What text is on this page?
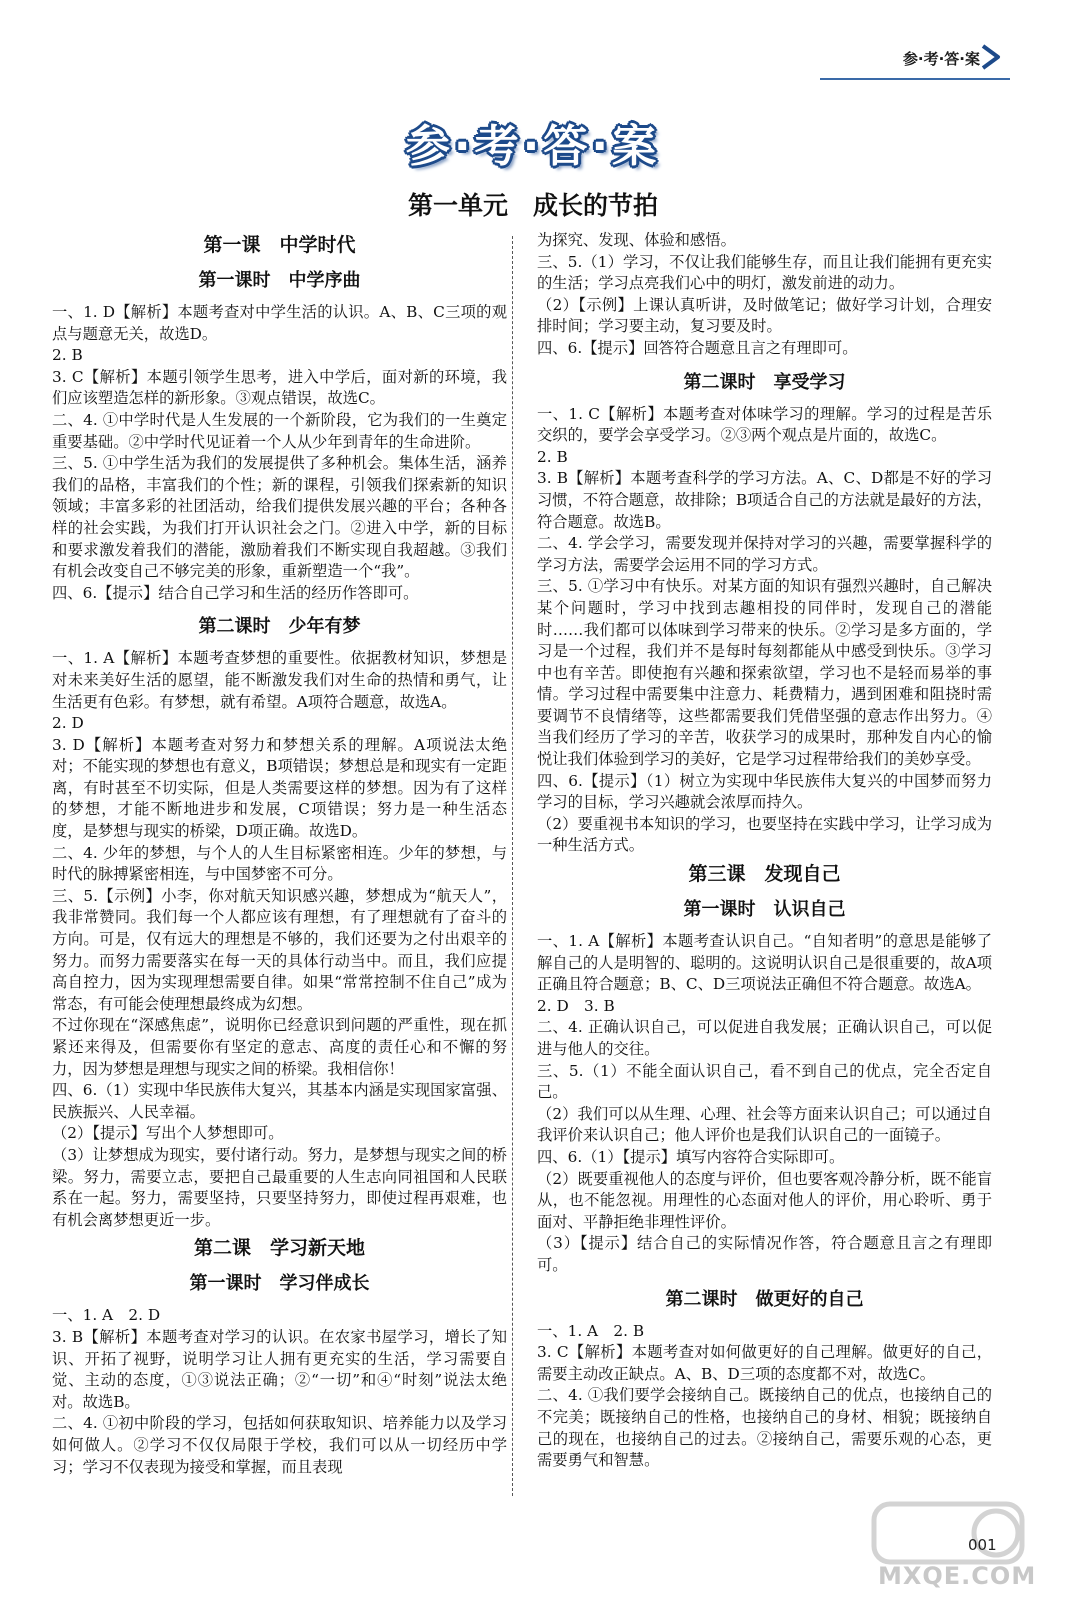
参·考·答·案
参·考·答·案
第一单元　成长的节拍
第一课　中学时代
第一课时　中学序曲
一、1. D【解析】本题考查对中学生活的认识。A、B、C三项的观点与题意无关，故选D。
2. B
3. C【解析】本题引领学生思考，进入中学后，面对新的环境，我们应该塑造怎样的新形象。③观点错误，故选C。
二、4. ①中学时代是人生发展的一个新阶段，它为我们的一生奠定重要基础。②中学时代见证着一个人从少年到青年的生命进阶。
三、5. ①中学生活为我们的发展提供了多种机会。集体生活，涵养我们的品格，丰富我们的个性；新的课程，引领我们探索新的知识领域；丰富多彩的社团活动，给我们提供发展兴趣的平台；各种各样的社会实践，为我们打开认识社会之门。②进入中学，新的目标和要求激发着我们的潜能，激励着我们不断实现自我超越。③我们有机会改变自己不够完美的形象，重新塑造一个“我”。
四、6.【提示】结合自己学习和生活的经历作答即可。
第二课时　少年有梦
一、1. A【解析】本题考查梦想的重要性。依据教材知识，梦想是对未来美好生活的愿望，能不断激发我们对生命的热情和勇气，让生活更有色彩。有梦想，就有希望。A项符合题意，故选A。
2. D
3. D【解析】本题考查对努力和梦想关系的理解。A项说法太绝对；不能实现的梦想也有意义，B项错误；梦想总是和现实有一定距离，有时甚至不切实际，但是人类需要这样的梦想。因为有了这样的梦想，才能不断地进步和发展，C项错误；努力是一种生活态度，是梦想与现实的桥梁，D项正确。故选D。
二、4. 少年的梦想，与个人的人生目标紧密相连。少年的梦想，与时代的脉搏紧密相连，与中国梦密不可分。
三、5.【示例】小李，你对航天知识感兴趣，梦想成为“航天人”，我非常赞同。我们每一个人都应该有理想，有了理想就有了奋斗的方向。可是，仅有远大的理想是不够的，我们还要为之付出艰辛的努力。而努力需要落实在每一天的具体行动当中。而且，我们应提高自控力，因为实现理想需要自律。如果“常常控制不住自己”成为常态，有可能会使理想最终成为幻想。
不过你现在“深感焦虑”，说明你已经意识到问题的严重性，现在抓紧还来得及，但需要你有坚定的意志、高度的责任心和不懈的努力，因为梦想是理想与现实之间的桥梁。我相信你！
四、6.（1）实现中华民族伟大复兴，其基本内涵是实现国家富强、民族振兴、人民幸福。
（2）【提示】写出个人梦想即可。
（3）让梦想成为现实，要付诸行动。努力，是梦想与现实之间的桥梁。努力，需要立志，要把自己最重要的人生志向同祖国和人民联系在一起。努力，需要坚持，只要坚持努力，即使过程再艰难，也有机会离梦想更近一步。
第二课　学习新天地
第一课时　学习伴成长
一、1. A　2. D
3. B【解析】本题考查对学习的认识。在农家书屋学习，增长了知识、开拓了视野，说明学习让人拥有更充实的生活，学习需要自觉、主动的态度，①③说法正确；②“一切”和④“时刻”说法太绝对。故选B。
二、4. ①初中阶段的学习，包括如何获取知识、培养能力以及学习如何做人。②学习不仅仅局限于学校，我们可以从一切经历中学习；学习不仅表现为接受和掌握，而且表现
为探究、发现、体验和感悟。
三、5.（1）学习，不仅让我们能够生存，而且让我们能拥有更充实的生活；学习点亮我们心中的明灯，激发前进的动力。
（2）【示例】上课认真听讲，及时做笔记；做好学习计划，合理安排时间；学习要主动，复习要及时。
四、6.【提示】回答符合题意且言之有理即可。
第二课时　享受学习
一、1. C【解析】本题考查对体味学习的理解。学习的过程是苦乐交织的，要学会享受学习。②③两个观点是片面的，故选C。
2. B
3. B【解析】本题考查科学的学习方法。A、C、D都是不好的学习习惯，不符合题意，故排除；B项适合自己的方法就是最好的方法，符合题意。故选B。
二、4. 学会学习，需要发现并保持对学习的兴趣，需要掌握科学的学习方法，需要学会运用不同的学习方式。
三、5. ①学习中有快乐。对某方面的知识有强烈兴趣时，自己解决某个问题时，学习中找到志趣相投的同伴时，发现自己的潜能时……我们都可以体味到学习带来的快乐。②学习是多方面的，学习是一个过程，我们并不是每时每刻都能从中感受到快乐。③学习中也有辛苦。即使抱有兴趣和探索欲望，学习也不是轻而易举的事情。学习过程中需要集中注意力、耗费精力，遇到困难和阻挠时需要调节不良情绪等，这些都需要我们凭借坚强的意志作出努力。④当我们经历了学习的辛苦，收获学习的成果时，那种发自内心的愉悦让我们体验到学习的美好，它是学习过程带给我们的美妙享受。
四、6.【提示】（1）树立为实现中华民族伟大复兴的中国梦而努力学习的目标，学习兴趣就会浓厚而持久。
（2）要重视书本知识的学习，也要坚持在实践中学习，让学习成为一种生活方式。
第三课　发现自己
第一课时　认识自己
一、1. A【解析】本题考查认识自己。“自知者明”的意思是能够了解自己的人是明智的、聪明的。这说明认识自己是很重要的，故A项正确且符合题意；B、C、D三项说法正确但不符合题意。故选A。
2. D　3. B
二、4. 正确认识自己，可以促进自我发展；正确认识自己，可以促进与他人的交往。
三、5.（1）不能全面认识自己，看不到自己的优点，完全否定自己。
（2）我们可以从生理、心理、社会等方面来认识自己；可以通过自我评价来认识自己；他人评价也是我们认识自己的一面镜子。
四、6.（1）【提示】填写内容符合实际即可。
（2）既要重视他人的态度与评价，但也要客观冷静分析，既不能盲从，也不能忽视。用理性的心态面对他人的评价，用心聆听、勇于面对、平静拒绝非理性评价。
（3）【提示】结合自己的实际情况作答，符合题意且言之有理即可。
第二课时　做更好的自己
一、1. A　2. B
3. C【解析】本题考查对如何做更好的自己理解。做更好的自己，需要主动改正缺点。A、B、D三项的态度都不对，故选C。
二、4. ①我们要学会接纳自己。既接纳自己的优点，也接纳自己的不完美；既接纳自己的性格，也接纳自己的身材、相貌；既接纳自己的现在，也接纳自己的过去。②接纳自己，需要乐观的心态，更需要勇气和智慧。
MXQE.COM
001
